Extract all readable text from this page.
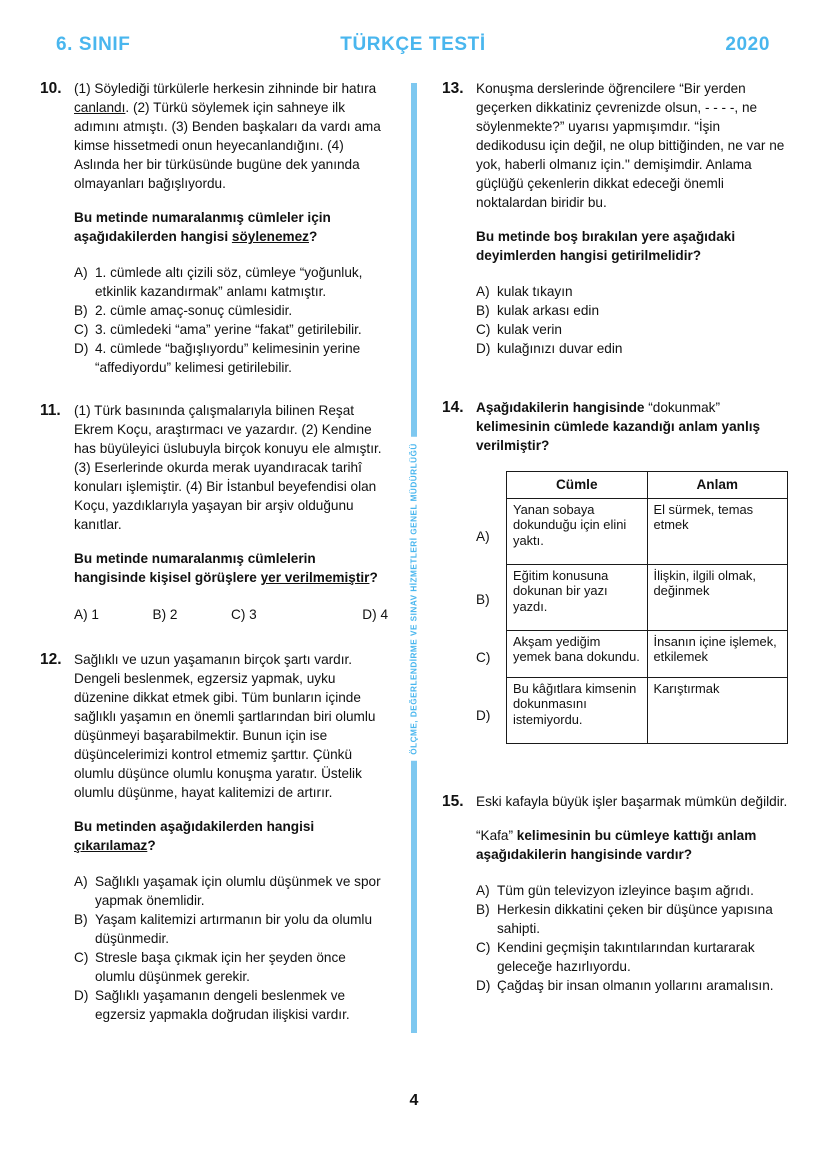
6. SINIF	TÜRKÇE TESTİ	2020
10. (1) Söylediği türkülerle herkesin zihninde bir hatıra canlandı. (2) Türkü söylemek için sahneye ilk adımını atmıştı. (3) Benden başkaları da vardı ama kimse hissetmedi onun heyecanlandığını. (4) Aslında her bir türküsünde bugüne dek yanında olmayanları bağışlıyordu.

Bu metinde numaralanmış cümleler için aşağıdakilerden hangisi söylenemez?

A) 1. cümlede altı çizili söz, cümleye “yoğunluk, etkinlik kazandırmak” anlamı katmıştır.
B) 2. cümle amaç-sonuç cümlesidir.
C) 3. cümledeki “ama” yerine “fakat” getirilebilir.
D) 4. cümlede “bağışlıyordu” kelimesinin yerine “affediyordu” kelimesi getirilebilir.
11. (1) Türk basınında çalışmalarıyla bilinen Reşat Ekrem Koçu, araştırmacı ve yazardır. (2) Kendine has büyüleyici üslubuyla birçok konuyu ele almıştır. (3) Eserlerinde okurda merak uyandıracak tarihî konuları işlemiştir. (4) Bir İstanbul beyefendisi olan Koçu, yazdıklarıyla yaşayan bir arşiv olduğunu kanıtlar.

Bu metinde numaralanmış cümlelerin hangisinde kişisel görüşlere yer verilmemiştir?

A) 1	B) 2	C) 3	D) 4
12. Sağlıklı ve uzun yaşamanın birçok şartı vardır. Dengeli beslenmek, egzersiz yapmak, uyku düzenine dikkat etmek gibi. Tüm bunların içinde sağlıklı yaşamın en önemli şartlarından biri olumlu düşünmeyi başarabilmektir. Bunun için ise düşüncelerimizi kontrol etmemiz şarttır. Çünkü olumlu düşünce olumlu konuşma yaratır. Üstelik olumlu düşünme, hayat kalitemizi de artırır.

Bu metinden aşağıdakilerden hangisi çıkarılamaz?

A) Sağlıklı yaşamak için olumlu düşünmek ve spor yapmak önemlidir.
B) Yaşam kalitemizi artırmanın bir yolu da olumlu düşünmedir.
C) Stresle başa çıkmak için her şeyden önce olumlu düşünmek gerekir.
D) Sağlıklı yaşamanın dengeli beslenmek ve egzersiz yapmakla doğrudan ilişkisi vardır.
ÖLÇME, DEĞERLENDİRME VE SINAV HİZMETLERİ GENEL MÜDÜRLÜĞÜ
13. Konuşma derslerinde öğrencilere “Bir yerden geçerken dikkatiniz çevrenizde olsun, - - - -, ne söylenmekte?” uyarısı yapmışımdır. “İşin dedikodusu için değil, ne olup bittiğinden, ne var ne yok, haberli olmanız için.'' demişimdir. Anlama güçlüğü çekenlerin dikkat edeceği önemli noktalardan biridir bu.

Bu metinde boş bırakılan yere aşağıdaki deyimlerden hangisi getirilmelidir?

A) kulak tıkayın
B) kulak arkası edin
C) kulak verin
D) kulağınızı duvar edin
14. Aşağıdakilerin hangisinde “dokunmak” kelimesinin cümlede kazandığı anlam yanlış verilmiştir?

A)
B)
C)
D)
Cümle	Anlam
Yanan sobaya dokunduğu için elini yaktı.	El sürmek, temas etmek
Eğitim konusuna dokunan bir yazı yazdı.	İlişkin, ilgili olmak, değinmek
Akşam yediğim yemek bana dokundu.	İnsanın içine işlemek, etkilemek
Bu kâğıtlara kimsenin dokunmasını istemiyordu.	Karıştırmak
15. Eski kafayla büyük işler başarmak mümkün değildir.

“Kafa” kelimesinin bu cümleye kattığı anlam aşağıdakilerin hangisinde vardır?

A) Tüm gün televizyon izleyince başım ağrıdı.
B) Herkesin dikkatini çeken bir düşünce yapısına sahipti.
C) Kendini geçmişin takıntılarından kurtararak geleceğe hazırlıyordu.
D) Çağdaş bir insan olmanın yollarını aramalısın.
4
